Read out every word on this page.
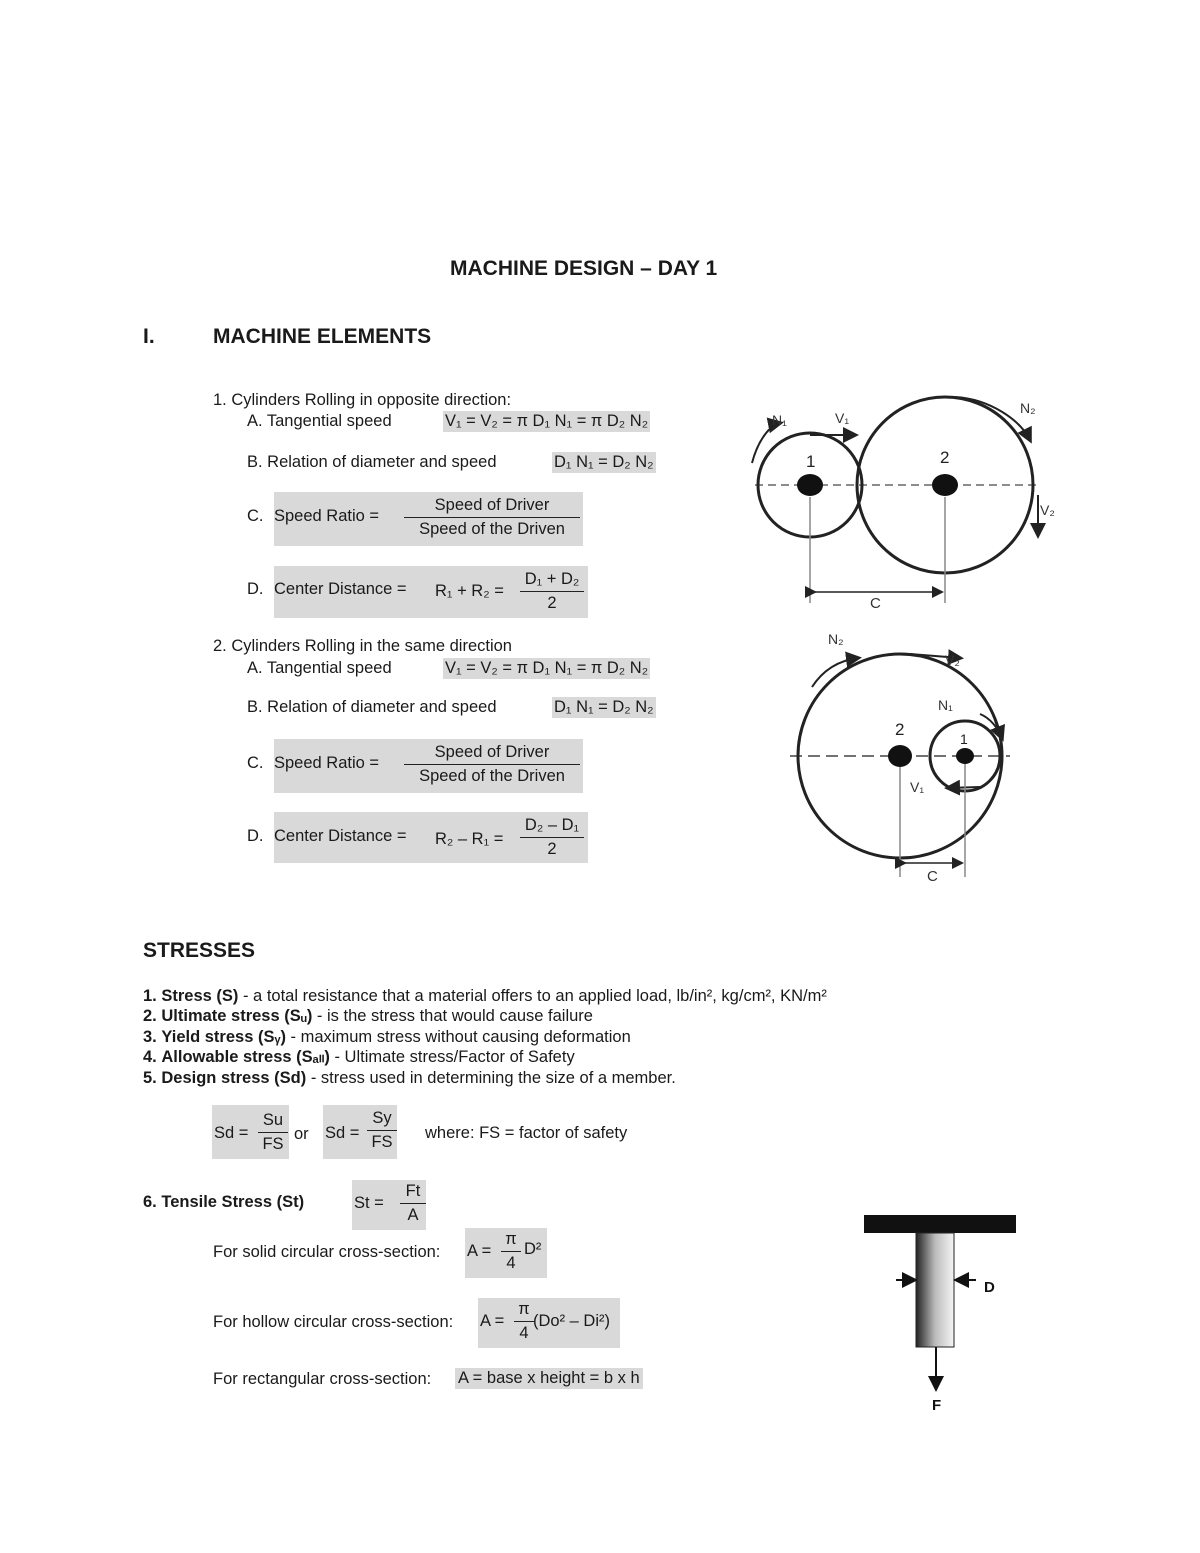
MACHINE DESIGN – DAY 1
I.	MACHINE ELEMENTS
1. Cylinders Rolling in opposite direction:
A. Tangential speed	V₁ = V₂ = π D₁ N₁ = π D₂ N₂
B. Relation of diameter and speed	D₁ N₁ = D₂ N₂
C. Speed Ratio =
Speed of Driver
Speed of the Driven
D. Center Distance = $R_1 + R_2 = \frac{\text{D₁ + D₂}}{2}$
2. Cylinders Rolling in the same direction
A. Tangential speed	V₁ = V₂ = π D₁ N₁ = π D₂ N₂
B. Relation of diameter and speed	D₁ N₁ = D₂ N₂
C. Speed Ratio =
Speed of Driver
Speed of the Driven
D. Center Distance = $R_2 - R_1 = \frac{\text{D₂ – D₁}}{2}$
1	2
N₁	V₁
N₂
V₂
C
2	1
N₂
V₂
N₁
V₁
C
STRESSES
1. Stress (S) - a total resistance that a material offers to an applied load, lb/in², kg/cm², KN/m²
2. Ultimate stress (Sᵤ) - is the stress that would cause failure
3. Yield stress (Sᵧ) - maximum stress without causing deformation
4. Allowable stress (Sₐₗₗ) - Ultimate stress/Factor of Safety
5. Design stress (Sd) - stress used in determining the size of a member.
$Sd = \frac{Su}{FS}$ or $Sd = \frac{Sy}{FS}$ where: FS = factor of safety
6. Tensile Stress (St)	$St = \frac{Ft}{A}$
For solid circular cross-section: $A = \frac{\pi}{4} D^2$
For hollow circular cross-section: $A = \frac{\pi}{4} (Do^2 - Di^2)$
For rectangular cross-section: A = base x height = b x h
D
F
